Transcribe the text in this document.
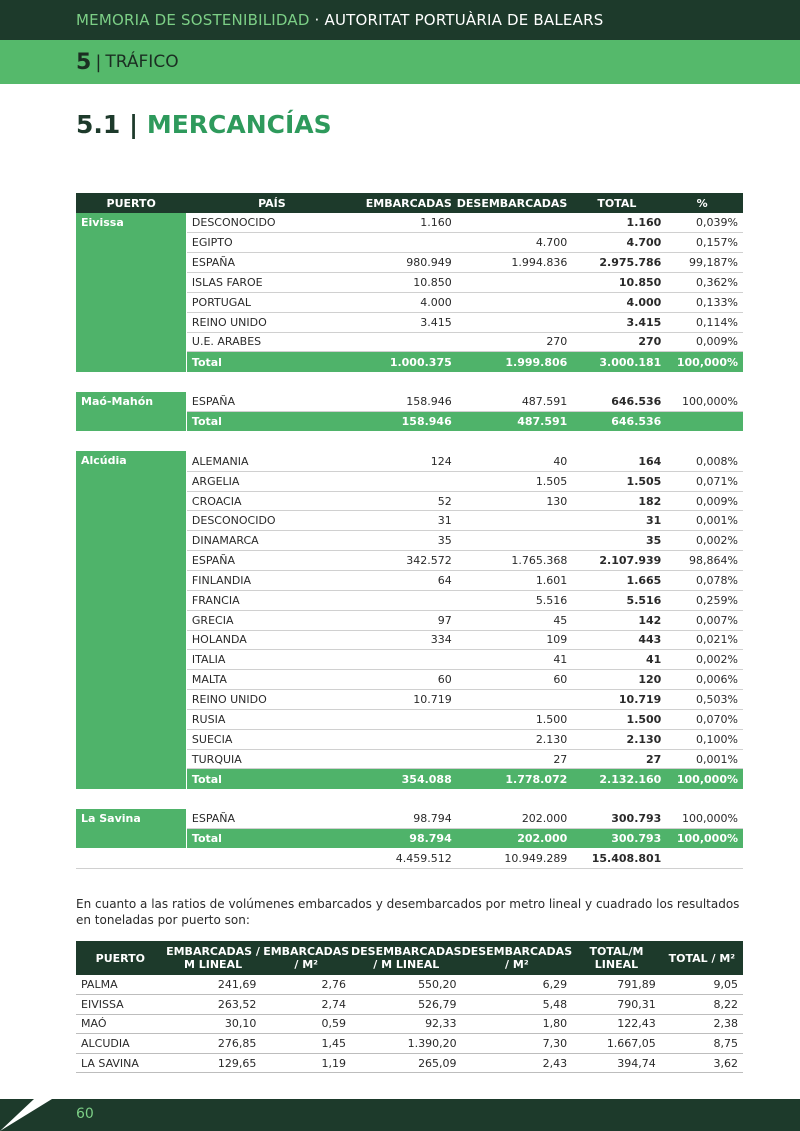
MEMORIA DE SOSTENIBILIDAD · AUTORITAT PORTUÀRIA DE BALEARS
5 | TRÁFICO
5.1 | MERCANCÍAS
PUERTO	PAÍS	EMBARCADAS	DESEMBARCADAS	TOTAL	%
Eivissa	DESCONOCIDO	1.160		1.160	0,039%
	EGIPTO		4.700	4.700	0,157%
	ESPAÑA	980.949	1.994.836	2.975.786	99,187%
	ISLAS FAROE	10.850		10.850	0,362%
	PORTUGAL	4.000		4.000	0,133%
	REINO UNIDO	3.415		3.415	0,114%
	U.E. ARABES		270	270	0,009%
	Total	1.000.375	1.999.806	3.000.181	100,000%

Maó-Mahón	ESPAÑA	158.946	487.591	646.536	100,000%
	Total	158.946	487.591	646.536	

Alcúdia	ALEMANIA	124	40	164	0,008%
	ARGELIA		1.505	1.505	0,071%
	CROACIA	52	130	182	0,009%
	DESCONOCIDO	31		31	0,001%
	DINAMARCA	35		35	0,002%
	ESPAÑA	342.572	1.765.368	2.107.939	98,864%
	FINLANDIA	64	1.601	1.665	0,078%
	FRANCIA		5.516	5.516	0,259%
	GRECIA	97	45	142	0,007%
	HOLANDA	334	109	443	0,021%
	ITALIA		41	41	0,002%
	MALTA	60	60	120	0,006%
	REINO UNIDO	10.719		10.719	0,503%
	RUSIA		1.500	1.500	0,070%
	SUECIA		2.130	2.130	0,100%
	TURQUIA		27	27	0,001%
	Total	354.088	1.778.072	2.132.160	100,000%

La Savina	ESPAÑA	98.794	202.000	300.793	100,000%
	Total	98.794	202.000	300.793	100,000%
		4.459.512	10.949.289	15.408.801	

En cuanto a las ratios de volúmenes embarcados y desembarcados por metro lineal y cuadrado los resultados en toneladas por puerto son:

PUERTO	EMBARCADAS / M LINEAL	EMBARCADAS / M²	DESEMBARCADAS / M LINEAL	DESEMBARCADAS / M²	TOTAL/M LINEAL	TOTAL / M²
PALMA	241,69	2,76	550,20	6,29	791,89	9,05
EIVISSA	263,52	2,74	526,79	5,48	790,31	8,22
MAÓ	30,10	0,59	92,33	1,80	122,43	2,38
ALCUDIA	276,85	1,45	1.390,20	7,30	1.667,05	8,75
LA SAVINA	129,65	1,19	265,09	2,43	394,74	3,62
60
